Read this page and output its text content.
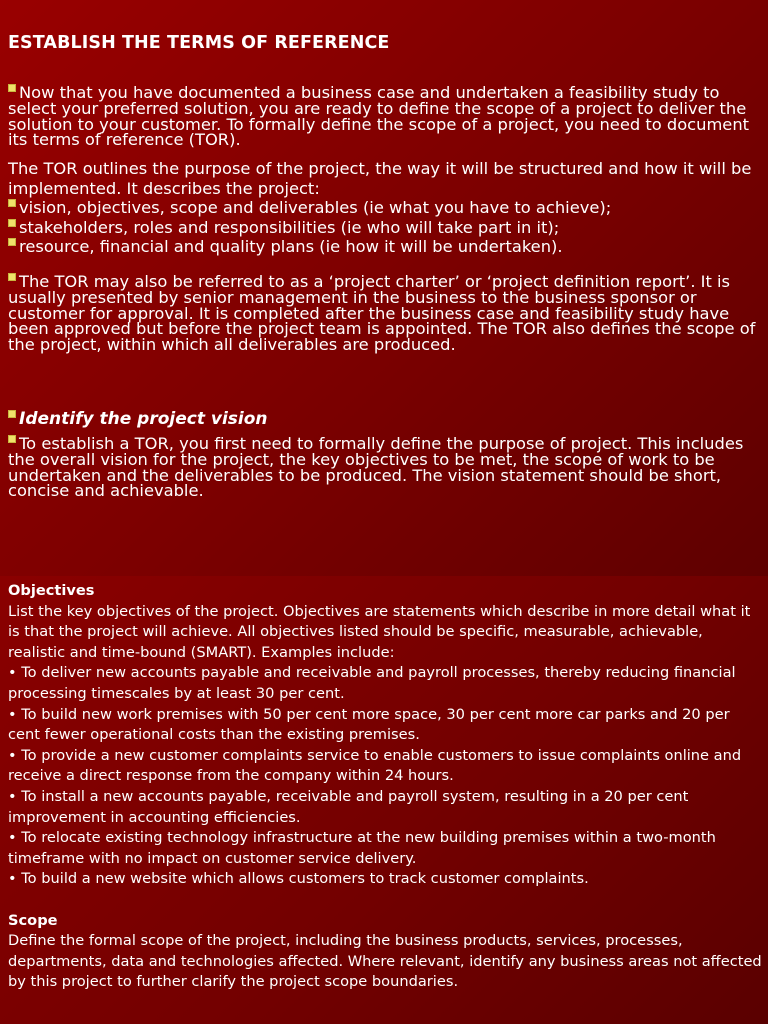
ESTABLISH THE TERMS OF REFERENCE
Now that you have documented a business case and undertaken a feasibility study to select your preferred solution, you are ready to define the scope of a project to deliver the solution to your customer. To formally define the scope of a project, you need to document its terms of reference (TOR).
The TOR outlines the purpose of the project, the way it will be structured and how it will be implemented. It describes the project:
vision, objectives, scope and deliverables (ie what you have to achieve);
stakeholders, roles and responsibilities (ie who will take part in it);
resource, financial and quality plans (ie how it will be undertaken).
The TOR may also be referred to as a ‘project charter’ or ‘project definition report’. It is usually presented by senior management in the business to the business sponsor or customer for approval. It is completed after the business case and feasibility study have been approved but before the project team is appointed. The TOR also defines the scope of the project, within which all deliverables are produced.
Identify the project vision
To establish a TOR, you first need to formally define the purpose of project. This includes the overall vision for the project, the key objectives to be met, the scope of work to be undertaken and the deliverables to be produced. The vision statement should be short, concise and achievable.
Objectives
List the key objectives of the project. Objectives are statements which describe in more detail what it is that the project will achieve. All objectives listed should be specific, measurable, achievable, realistic and time-bound (SMART). Examples include:
• To deliver new accounts payable and receivable and payroll processes, thereby reducing financial processing timescales by at least 30 per cent.
• To build new work premises with 50 per cent more space, 30 per cent more car parks and 20 per cent fewer operational costs than the existing premises.
• To provide a new customer complaints service to enable customers to issue complaints online and receive a direct response from the company within 24 hours.
• To install a new accounts payable, receivable and payroll system, resulting in a 20 per cent improvement in accounting efficiencies.
• To relocate existing technology infrastructure at the new building premises within a two-month timeframe with no impact on customer service delivery.
• To build a new website which allows customers to track customer complaints.
Scope
Define the formal scope of the project, including the business products, services, processes, departments, data and technologies affected. Where relevant, identify any business areas not affected by this project to further clarify the project scope boundaries.
